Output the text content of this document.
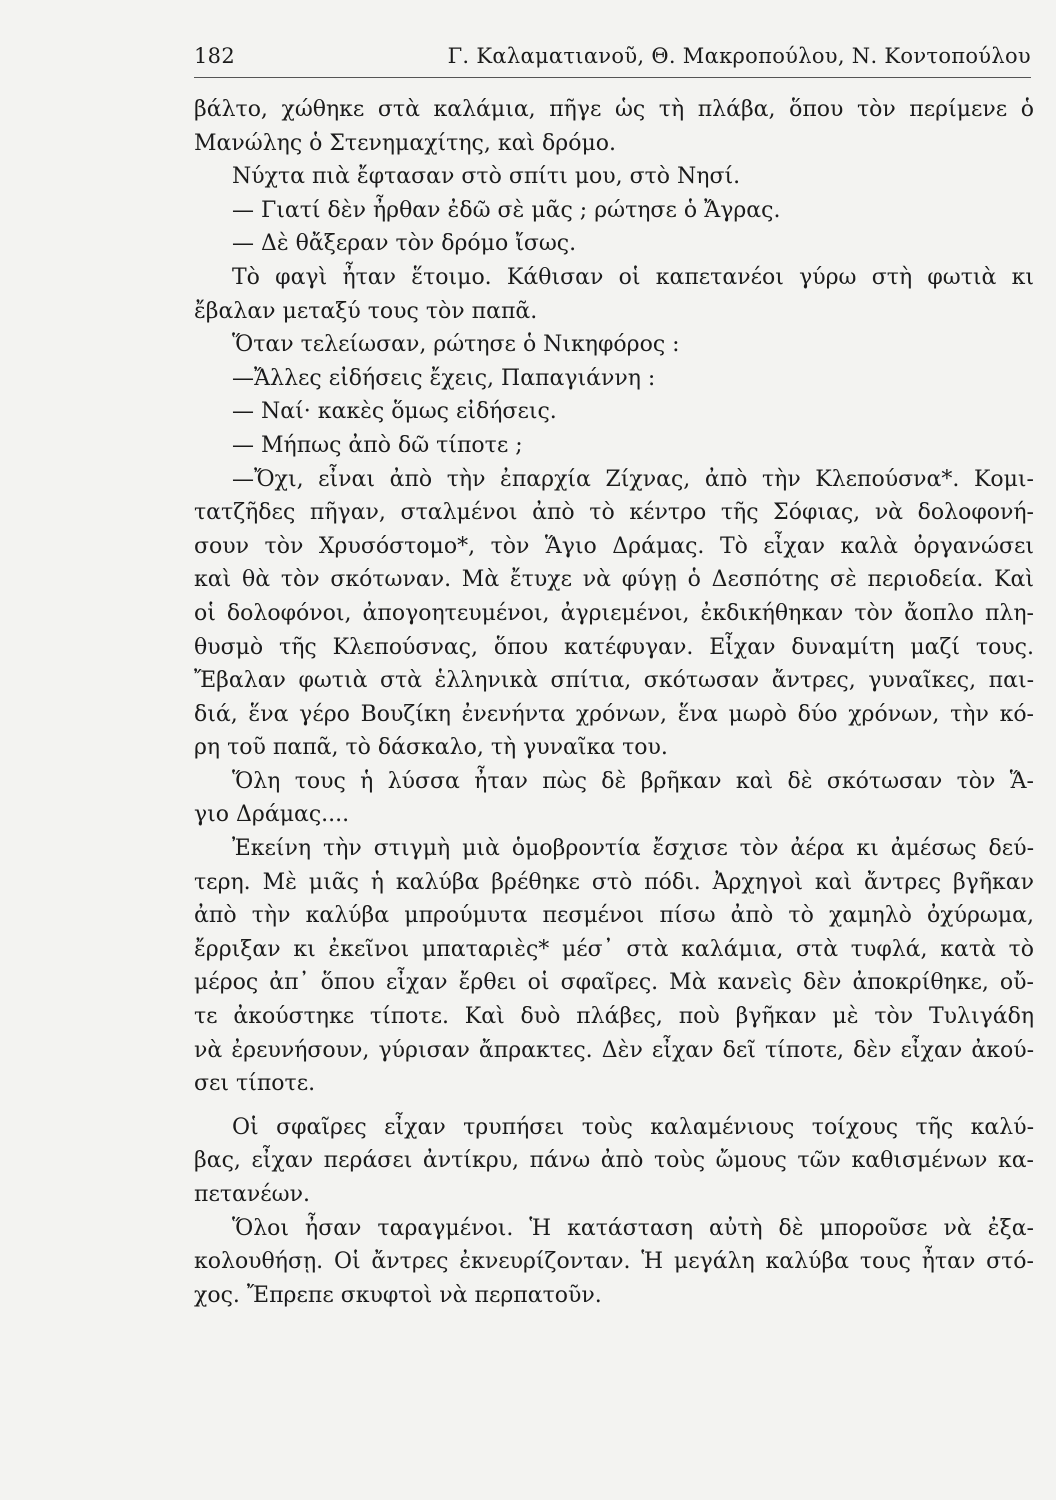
182	Γ. Καλαματιανοῦ, Θ. Μακροπούλου, Ν. Κοντοπούλου
βάλτο, χώθηκε στὰ καλάμια, πῆγε ὡς τὴ πλάβα, ὅπου τὸν περίμενε ὁ
Μανώλης ὁ Στενημαχίτης, καὶ δρόμο.
Νύχτα πιὰ ἔφτασαν στὸ σπίτι μου, στὸ Νησί.
— Γιατί δὲν ἦρθαν ἐδῶ σὲ μᾶς ; ρώτησε ὁ Ἄγρας.
— Δὲ θἄξεραν τὸν δρόμο ἴσως.
Τὸ φαγὶ ἦταν ἕτοιμο. Κάθισαν οἱ καπετανέοι γύρω στὴ φωτιὰ κι
ἔβαλαν μεταξύ τους τὸν παπᾶ.
Ὅταν τελείωσαν, ρώτησε ὁ Νικηφόρος :
—Ἄλλες εἰδήσεις ἔχεις, Παπαγιάννη :
— Ναί· κακὲς ὅμως εἰδήσεις.
— Μήπως ἀπὸ δῶ τίποτε ;
—Ὄχι, εἶναι ἀπὸ τὴν ἐπαρχία Ζίχνας, ἀπὸ τὴν Κλεπούσνα*. Κομι-
τατζῆδες πῆγαν, σταλμένοι ἀπὸ τὸ κέντρο τῆς Σόφιας, νὰ δολοφονή-
σουν τὸν Χρυσόστομο*, τὸν Ἅγιο Δράμας. Τὸ εἶχαν καλὰ ὀργανώσει
καὶ θὰ τὸν σκότωναν. Μὰ ἔτυχε νὰ φύγῃ ὁ Δεσπότης σὲ περιοδεία. Καὶ
οἱ δολοφόνοι, ἀπογοητευμένοι, ἀγριεμένοι, ἐκδικήθηκαν τὸν ἄοπλο πλη-
θυσμὸ τῆς Κλεπούσνας, ὅπου κατέφυγαν. Εἶχαν δυναμίτη μαζί τους.
Ἔβαλαν φωτιὰ στὰ ἑλληνικὰ σπίτια, σκότωσαν ἄντρες, γυναῖκες, παι-
διά, ἕνα γέρο Βουζίκη ἐνενήντα χρόνων, ἕνα μωρὸ δύο χρόνων, τὴν κό-
ρη τοῦ παπᾶ, τὸ δάσκαλο, τὴ γυναῖκα του.
Ὅλη τους ἡ λύσσα ἦταν πὼς δὲ βρῆκαν καὶ δὲ σκότωσαν τὸν Ἅ-
γιο Δράμας....
Ἐκείνη τὴν στιγμὴ μιὰ ὁμοβροντία ἔσχισε τὸν ἀέρα κι ἀμέσως δεύ-
τερη. Μὲ μιᾶς ἡ καλύβα βρέθηκε στὸ πόδι. Ἀρχηγοὶ καὶ ἄντρες βγῆκαν
ἀπὸ τὴν καλύβα μπρούμυτα πεσμένοι πίσω ἀπὸ τὸ χαμηλὸ ὀχύρωμα,
ἔρριξαν κι ἐκεῖνοι μπαταριὲς* μέσ᾽ στὰ καλάμια, στὰ τυφλά, κατὰ τὸ
μέρος ἀπ᾽ ὅπου εἶχαν ἔρθει οἱ σφαῖρες. Μὰ κανεὶς δὲν ἀποκρίθηκε, οὔ-
τε ἀκούστηκε τίποτε. Καὶ δυὸ πλάβες, ποὺ βγῆκαν μὲ τὸν Τυλιγάδη
νὰ ἐρευνήσουν, γύρισαν ἄπρακτες. Δὲν εἶχαν δεῖ τίποτε, δὲν εἶχαν ἀκού-
σει τίποτε.
Οἱ σφαῖρες εἶχαν τρυπήσει τοὺς καλαμένιους τοίχους τῆς καλύ-
βας, εἶχαν περάσει ἀντίκρυ, πάνω ἀπὸ τοὺς ὤμους τῶν καθισμένων κα-
πετανέων.
Ὅλοι ἦσαν ταραγμένοι. Ἡ κατάσταση αὐτὴ δὲ μποροῦσε νὰ ἐξα-
κολουθήσῃ. Οἱ ἄντρες ἐκνευρίζονταν. Ἡ μεγάλη καλύβα τους ἦταν στό-
χος. Ἔπρεπε σκυφτοὶ νὰ περπατοῦν.
